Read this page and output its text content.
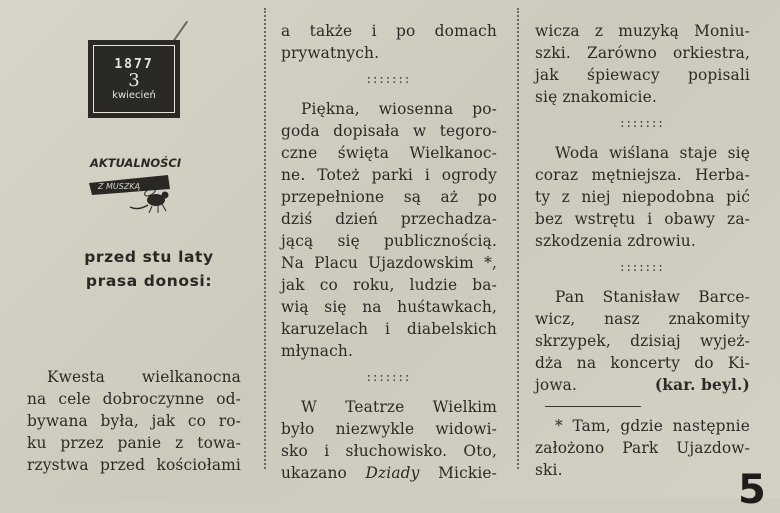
1877
3
kwiecień
AKTUALNOŚCI
Z MUSZKĄ
przed stu laty
prasa donosi:

Kwesta wielkanocna

na cele dobroczynne od-

bywana była, jak co ro-

ku przez panie z towa-

rzystwa przed kościołami

a także i po domach

prywatnych.

:::::::

Piękna, wiosenna po-

goda dopisała w tegoro-

czne święta Wielkanoc-

ne. Toteż parki i ogrody

przepełnione są aż po

dziś dzień przechadza-

jącą się publicznością.

Na Placu Ujazdowskim *,

jak co roku, ludzie ba-

wią się na huśtawkach,

karuzelach i diabelskich

młynach.

:::::::

W Teatrze Wielkim

było niezwykle widowi-

sko i słuchowisko. Oto,

ukazano Dziady Mickie-

wicza z muzyką Moniu-

szki. Zarówno orkiestra,

jak śpiewacy popisali

się znakomicie.

:::::::

Woda wiślana staje się

coraz mętniejsza. Herba-

ty z niej niepodobna pić

bez wstrętu i obawy za-

szkodzenia zdrowiu.

:::::::

Pan Stanisław Barce-

wicz, nasz znakomity

skrzypek, dzisiaj wyjeż-

dża na koncerty do Ki-

jowa.	(kar. beyl.)

* Tam, gdzie następnie

założono Park Ujazdow-

ski.	5
